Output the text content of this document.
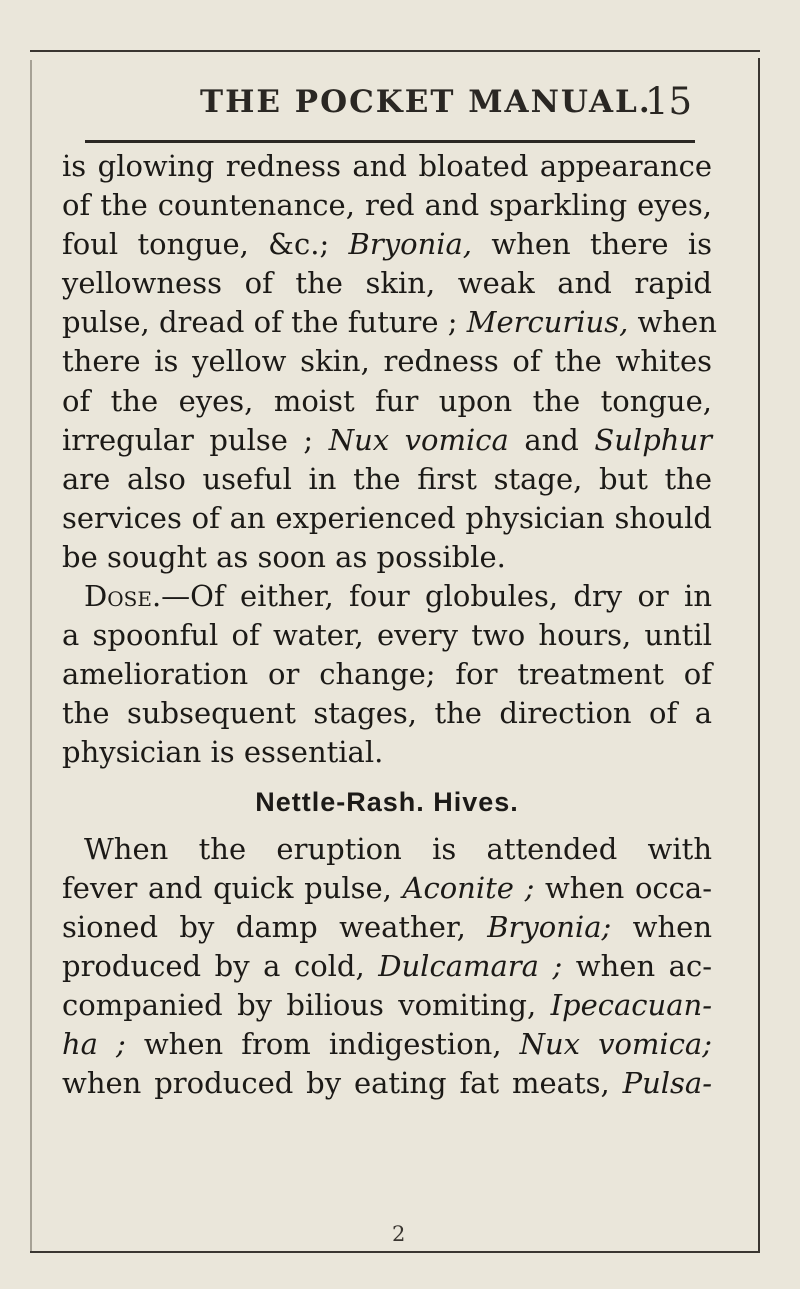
THE POCKET MANUAL.
15
is glowing redness and bloated appearance
of the countenance, red and sparkling eyes,
foul tongue, &c.; Bryonia, when there is
yellowness of the skin, weak and rapid
pulse, dread of the future ; Mercurius, when
there is yellow skin, redness of the whites
of the eyes, moist fur upon the tongue,
irregular pulse ; Nux vomica and Sulphur
are also useful in the first stage, but the
services of an experienced physician should
be sought as soon as possible.
Dose.—Of either, four globules, dry or in
a spoonful of water, every two hours, until
amelioration or change; for treatment of
the subsequent stages, the direction of a
physician is essential.
Nettle-Rash. Hives.
When the eruption is attended with
fever and quick pulse, Aconite ; when occa-
sioned by damp weather, Bryonia; when
produced by a cold, Dulcamara ; when ac-
companied by bilious vomiting, Ipecacuan-
ha ; when from indigestion, Nux vomica;
when produced by eating fat meats, Pulsa-
2
